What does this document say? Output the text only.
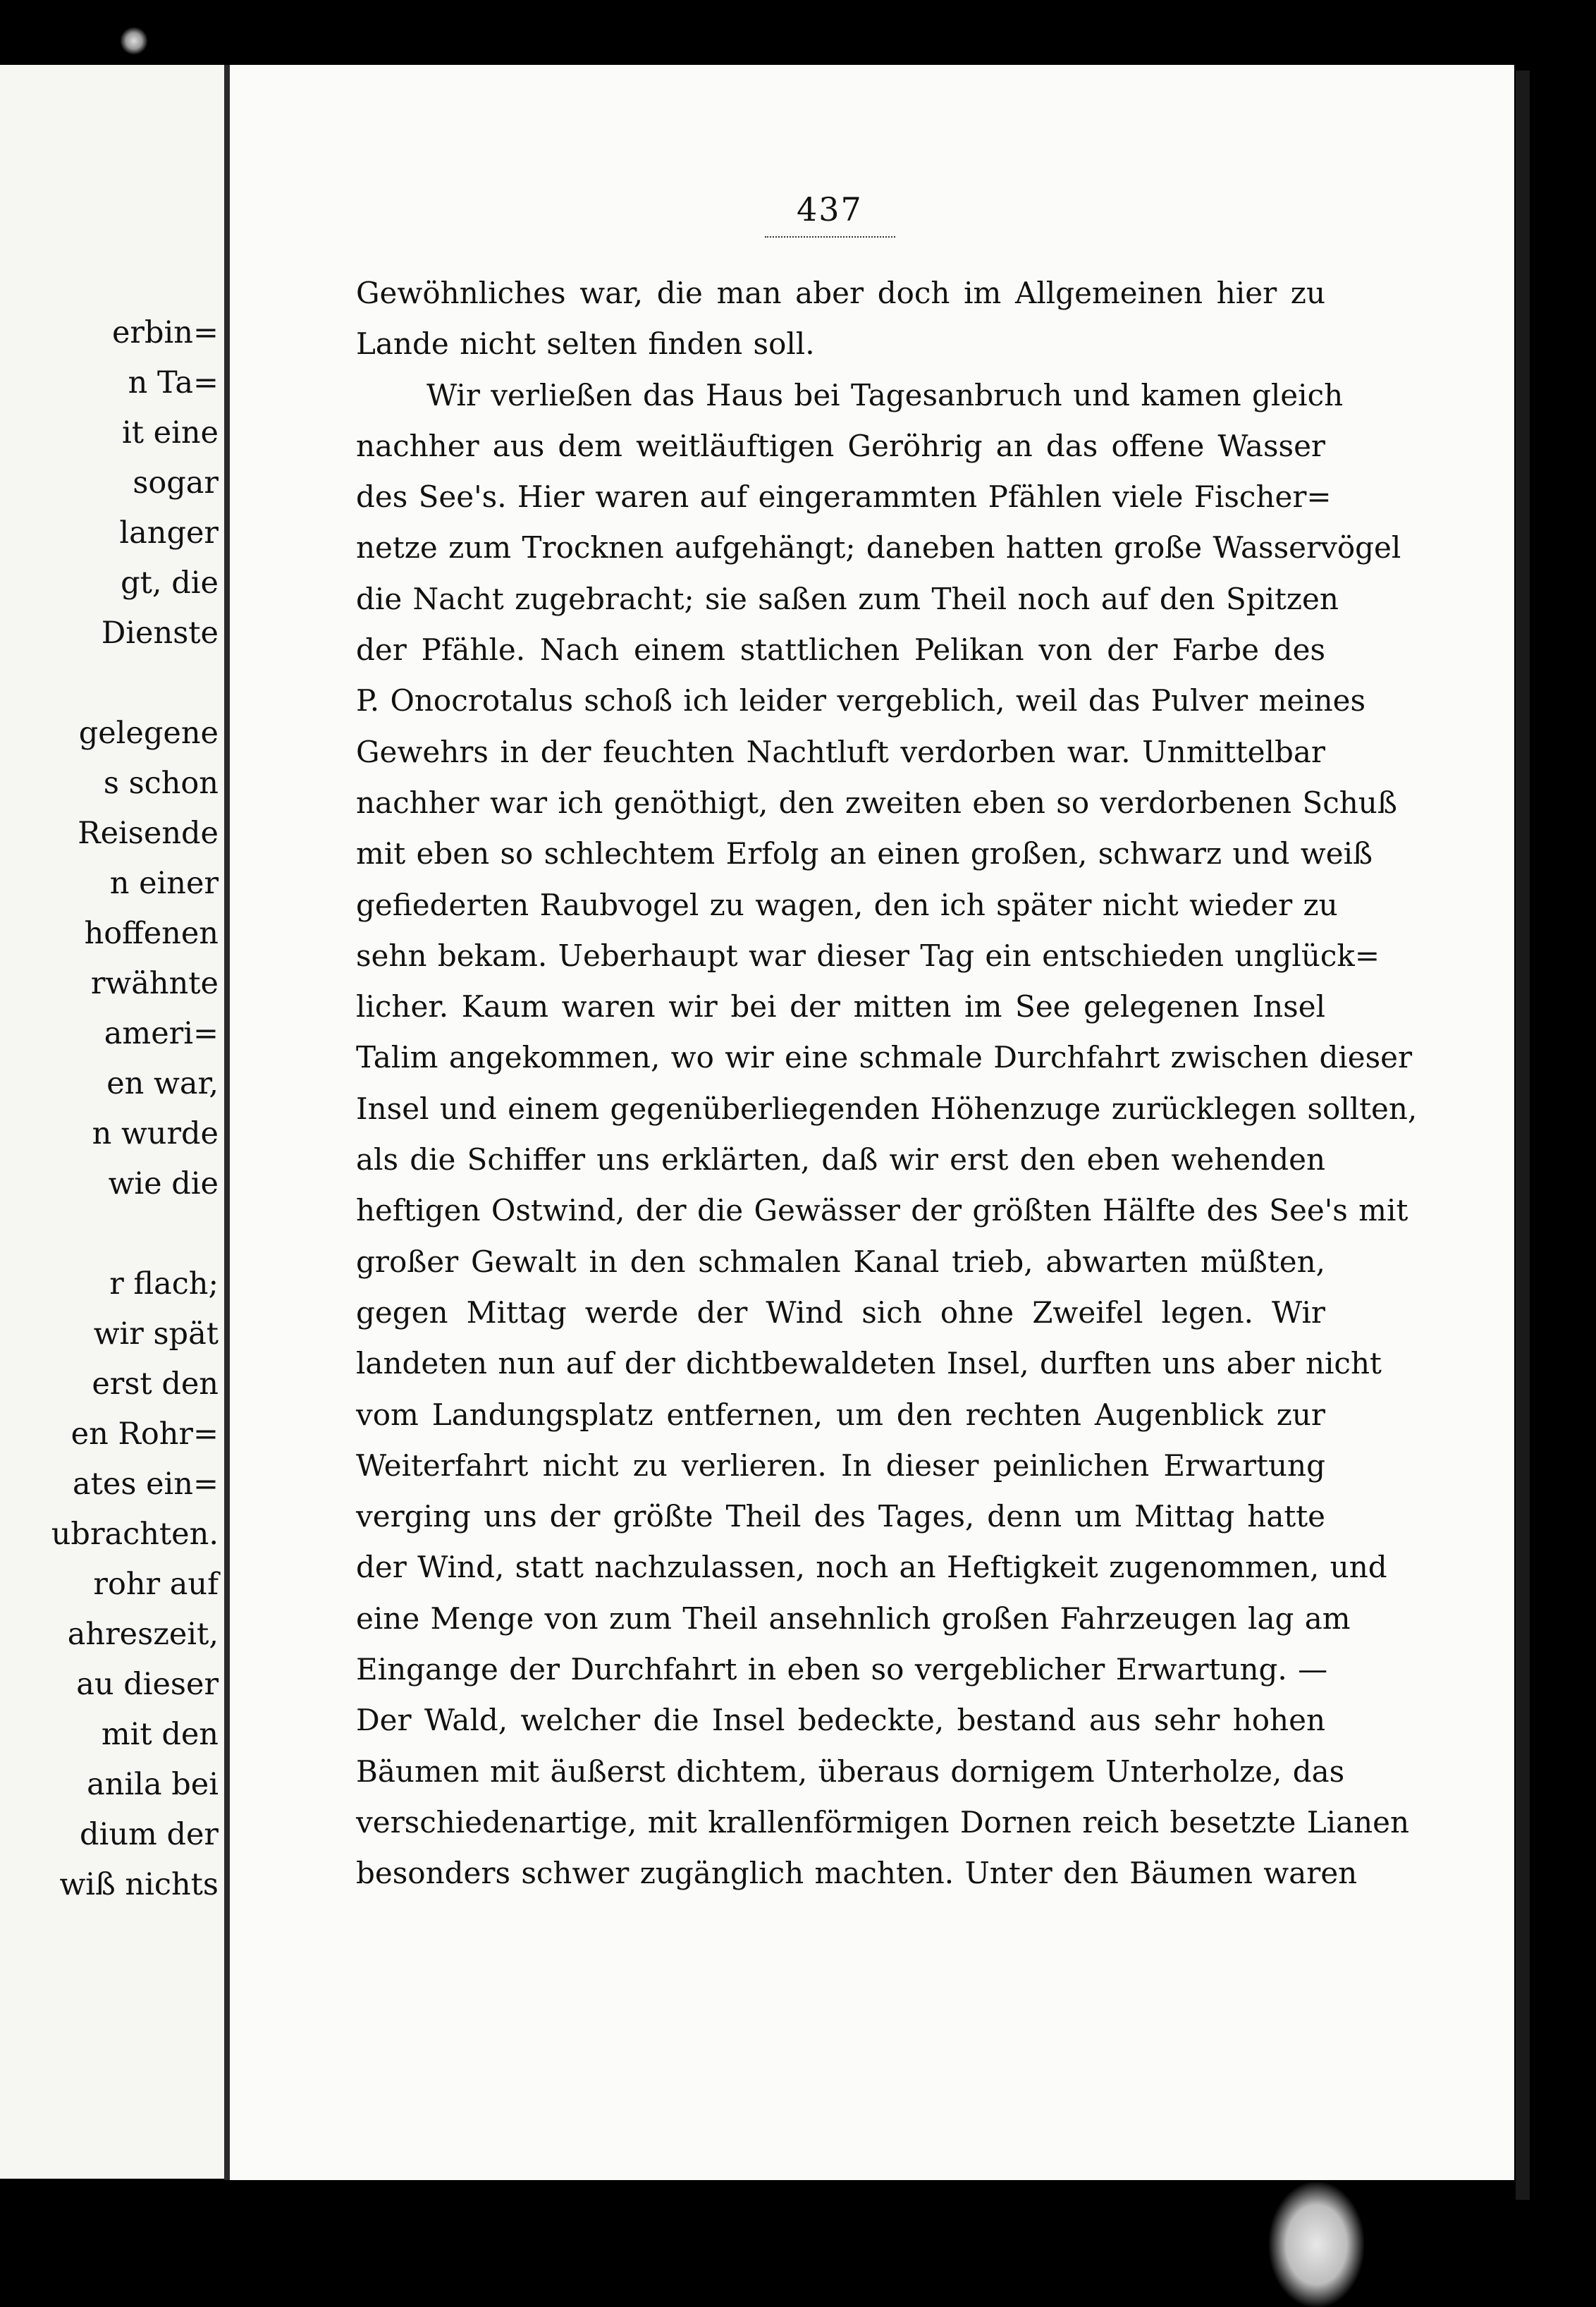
erbin=
n Ta=
it eine
sogar
langer
gt, die
Dienste
gelegene
s schon
Reisende
n einer
hoffenen
rwähnte
ameri=
en war,
n wurde
wie die
r flach;
wir spät
erst den
en Rohr=
ates ein=
ubrachten.
rohr auf
ahreszeit,
au dieser
mit den
anila bei
dium der
wiß nichts
437
Gewöhnliches war, die man aber doch im Allgemeinen hier zu
Lande nicht selten finden soll.
Wir verließen das Haus bei Tagesanbruch und kamen gleich
nachher aus dem weitläuftigen Geröhrig an das offene Wasser
des See's. Hier waren auf eingerammten Pfählen viele Fischer=
netze zum Trocknen aufgehängt; daneben hatten große Wasservögel
die Nacht zugebracht; sie saßen zum Theil noch auf den Spitzen
der Pfähle. Nach einem stattlichen Pelikan von der Farbe des
P. Onocrotalus schoß ich leider vergeblich, weil das Pulver meines
Gewehrs in der feuchten Nachtluft verdorben war. Unmittelbar
nachher war ich genöthigt, den zweiten eben so verdorbenen Schuß
mit eben so schlechtem Erfolg an einen großen, schwarz und weiß
gefiederten Raubvogel zu wagen, den ich später nicht wieder zu
sehn bekam. Ueberhaupt war dieser Tag ein entschieden unglück=
licher. Kaum waren wir bei der mitten im See gelegenen Insel
Talim angekommen, wo wir eine schmale Durchfahrt zwischen dieser
Insel und einem gegenüberliegenden Höhenzuge zurücklegen sollten,
als die Schiffer uns erklärten, daß wir erst den eben wehenden
heftigen Ostwind, der die Gewässer der größten Hälfte des See's mit
großer Gewalt in den schmalen Kanal trieb, abwarten müßten,
gegen Mittag werde der Wind sich ohne Zweifel legen. Wir
landeten nun auf der dichtbewaldeten Insel, durften uns aber nicht
vom Landungsplatz entfernen, um den rechten Augenblick zur
Weiterfahrt nicht zu verlieren. In dieser peinlichen Erwartung
verging uns der größte Theil des Tages, denn um Mittag hatte
der Wind, statt nachzulassen, noch an Heftigkeit zugenommen, und
eine Menge von zum Theil ansehnlich großen Fahrzeugen lag am
Eingange der Durchfahrt in eben so vergeblicher Erwartung. —
Der Wald, welcher die Insel bedeckte, bestand aus sehr hohen
Bäumen mit äußerst dichtem, überaus dornigem Unterholze, das
verschiedenartige, mit krallenförmigen Dornen reich besetzte Lianen
besonders schwer zugänglich machten. Unter den Bäumen waren
